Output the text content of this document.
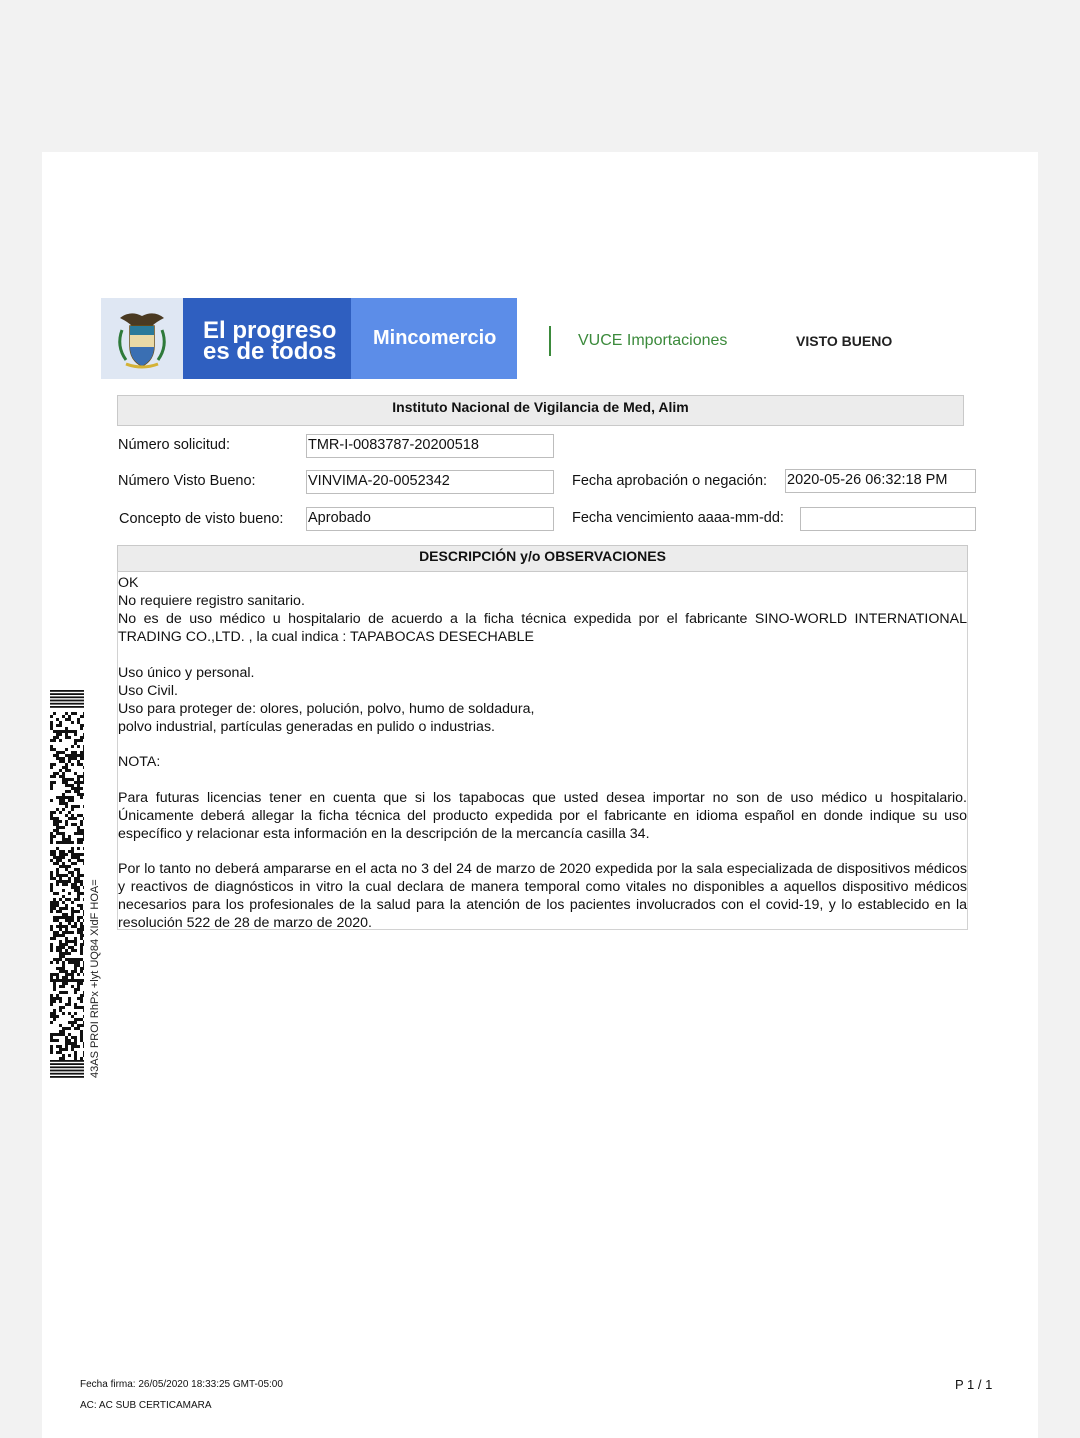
El progreso
es de todos	Mincomercio	VUCE Importaciones	VISTO BUENO
Instituto Nacional de Vigilancia de Med, Alim
Número solicitud:	TMR-I-0083787-20200518
Número Visto Bueno:	VINVIMA-20-0052342	Fecha aprobación o negación: 2020-05-26 06:32:18 PM
Concepto de visto bueno: Aprobado	Fecha vencimiento aaaa-mm-dd:
DESCRIPCIÓN y/o OBSERVACIONES

OK

No requiere registro sanitario.

No es de uso médico u hospitalario de acuerdo a la ficha técnica expedida por el fabricante SINO-WORLD INTERNATIONAL TRADING CO.,LTD. , la cual indica : TAPABOCAS DESECHABLE

Uso único y personal.

Uso Civil.

Uso para proteger de: olores, polución, polvo, humo de soldadura,

polvo industrial, partículas generadas en pulido o industrias.

NOTA:

Para futuras licencias tener en cuenta que si los tapabocas que usted desea importar no son de uso médico u hospitalario. Únicamente deberá allegar la ficha técnica del producto expedida por el fabricante en idioma español en donde indique su uso específico y relacionar esta información en la descripción de la mercancía casilla 34.

Por lo tanto no deberá ampararse en el acta no 3 del 24 de marzo de 2020 expedida por la sala especializada de dispositivos médicos y reactivos de diagnósticos in vitro la cual declara de manera temporal como vitales no disponibles a aquellos dispositivo médicos necesarios para los profesionales de la salud para la atención de los pacientes involucrados con el covid-19, y lo establecido en la resolución 522 de 28 de marzo de 2020.

43AS PROI RhPx +lyt UQ84 XIdF HOA=
Fecha firma: 26/05/2020 18:33:25 GMT-05:00
AC: AC SUB CERTICAMARA
P 1 / 1
